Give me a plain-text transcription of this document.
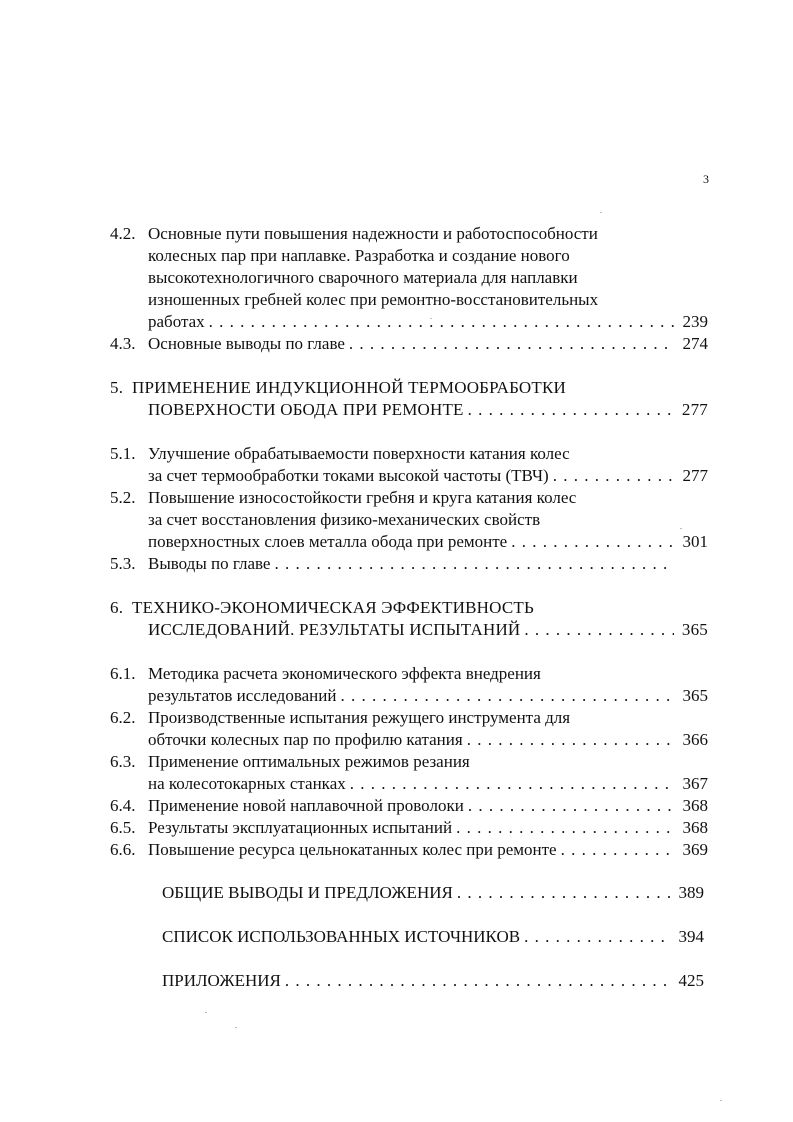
3
4.2. Основные пути повышения надежности и работоспособности
колесных пар при наплавке. Разработка и создание нового
высокотехнологичного сварочного материала для наплавки
изношенных гребней колес при ремонтно-восстановительных
работах . . .	239
4.3. Основные выводы по главе . . .	274
5. ПРИМЕНЕНИЕ ИНДУКЦИОННОЙ ТЕРМООБРАБОТКИ
ПОВЕРХНОСТИ ОБОДА ПРИ РЕМОНТЕ . . .	277
5.1. Улучшение обрабатываемости поверхности катания колес
за счет термообработки токами высокой частоты (ТВЧ) . . .	277
5.2. Повышение износостойкости гребня и круга катания колес
за счет восстановления физико-механических свойств
поверхностных слоев металла обода при ремонте . . .	301
5.3. Выводы по главе
. . .
6. ТЕХНИКО-ЭКОНОМИЧЕСКАЯ ЭФФЕКТИВНОСТЬ
ИССЛЕДОВАНИЙ. РЕЗУЛЬТАТЫ ИСПЫТАНИЙ . . .	365
6.1. Методика расчета экономического эффекта внедрения
результатов исследований . . .	365
6.2. Производственные испытания режущего инструмента для
обточки колесных пар по профилю катания . . .	366
6.3. Применение оптимальных режимов резания
на колесотокарных станках . . .	367
6.4. Применение новой наплавочной проволоки . . .	368
6.5. Результаты эксплуатационных испытаний . . .	368
6.6. Повышение ресурса цельнокатанных колес при ремонте . . .	369
ОБЩИЕ ВЫВОДЫ И ПРЕДЛОЖЕНИЯ . . .	389
СПИСОК ИСПОЛЬЗОВАННЫХ ИСТОЧНИКОВ . . .	394
ПРИЛОЖЕНИЯ . . .	425
